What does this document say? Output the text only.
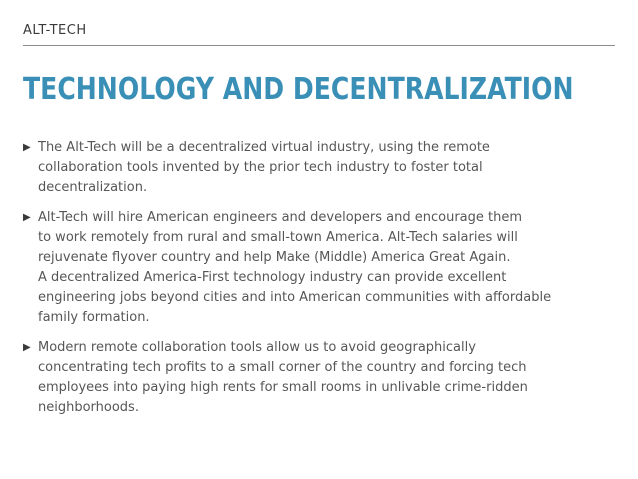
ALT-TECH
TECHNOLOGY AND DECENTRALIZATION
▶ The Alt-Tech will be a decentralized virtual industry, using the remote
collaboration tools invented by the prior tech industry to foster total
decentralization.
▶ Alt-Tech will hire American engineers and developers and encourage them
to work remotely from rural and small-town America. Alt-Tech salaries will
rejuvenate flyover country and help Make (Middle) America Great Again.
A decentralized America-First technology industry can provide excellent
engineering jobs beyond cities and into American communities with affordable
family formation.
▶ Modern remote collaboration tools allow us to avoid geographically
concentrating tech profits to a small corner of the country and forcing tech
employees into paying high rents for small rooms in unlivable crime-ridden
neighborhoods.
